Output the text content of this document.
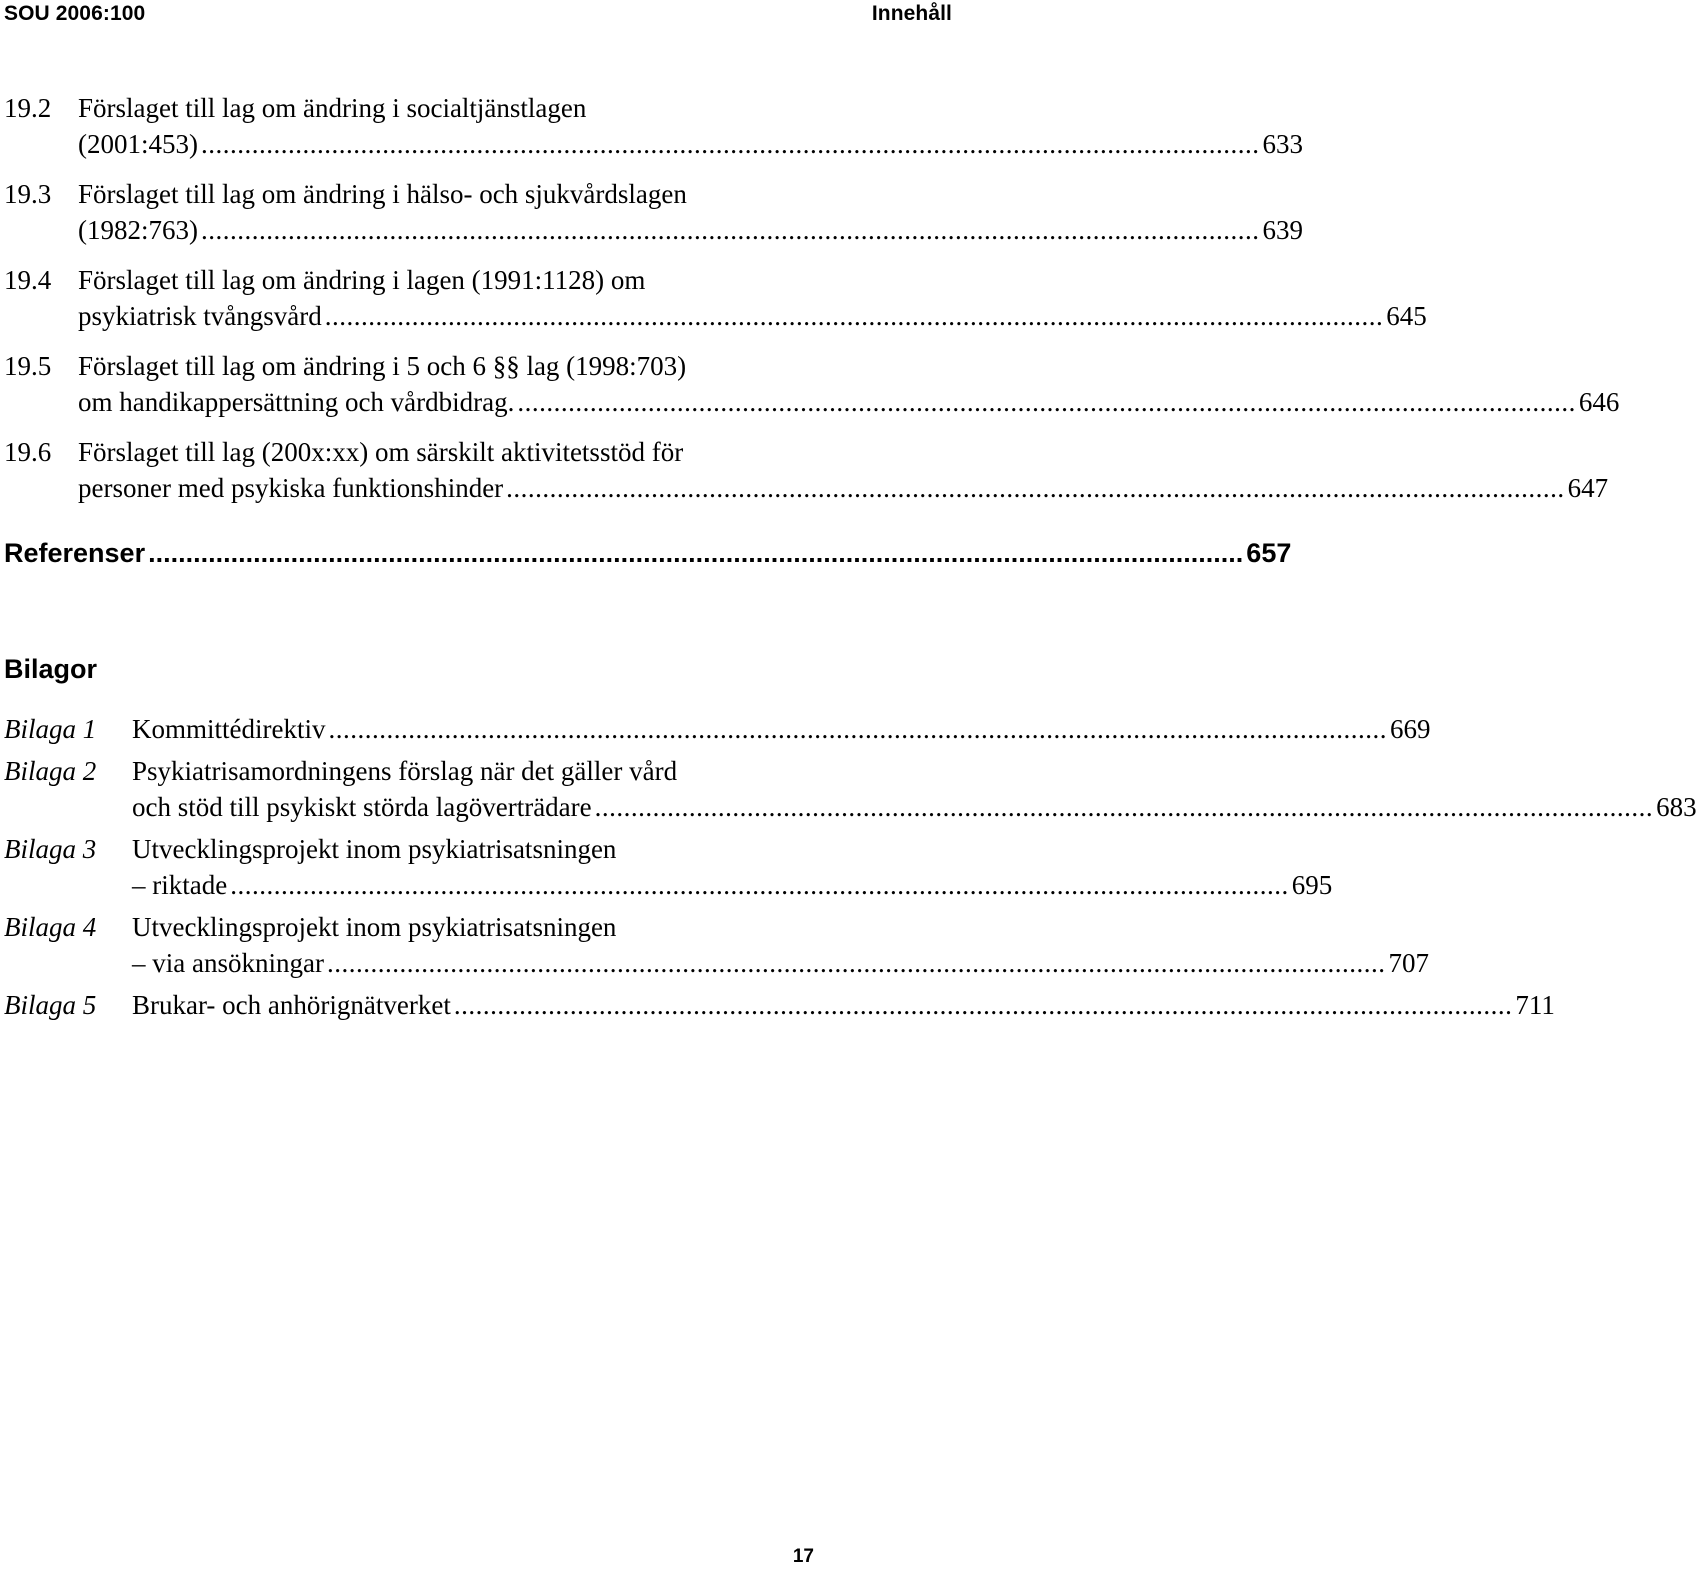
SOU 2006:100	Innehåll
19.2 Förslaget till lag om ändring i socialtjänstlagen
(2001:453) .................................................................................................................................................. 633
19.3 Förslaget till lag om ändring i hälso- och sjukvårdslagen
(1982:763) .................................................................................................................................................. 639
19.4 Förslaget till lag om ändring i lagen (1991:1128) om
psykiatrisk tvångsvård .................................................................................................................................................. 645
19.5 Förslaget till lag om ändring i 5 och 6 §§ lag (1998:703)
om handikappersättning och vårdbidrag. .................................................................................................................................................. 646
19.6 Förslaget till lag (200x:xx) om särskilt aktivitetsstöd för
personer med psykiska funktionshinder .................................................................................................................................................. 647
Referenser .................................................................................................................................................. 657
Bilagor
Bilaga 1 Kommittédirektiv .................................................................................................................................................. 669
Bilaga 2 Psykiatrisamordningens förslag när det gäller vård
och stöd till psykiskt störda lagöverträdare .................................................................................................................................................. 683
Bilaga 3 Utvecklingsprojekt inom psykiatrisatsningen
– riktade .................................................................................................................................................. 695
Bilaga 4 Utvecklingsprojekt inom psykiatrisatsningen
– via ansökningar .................................................................................................................................................. 707
Bilaga 5 Brukar- och anhörignätverket .................................................................................................................................................. 711
17
